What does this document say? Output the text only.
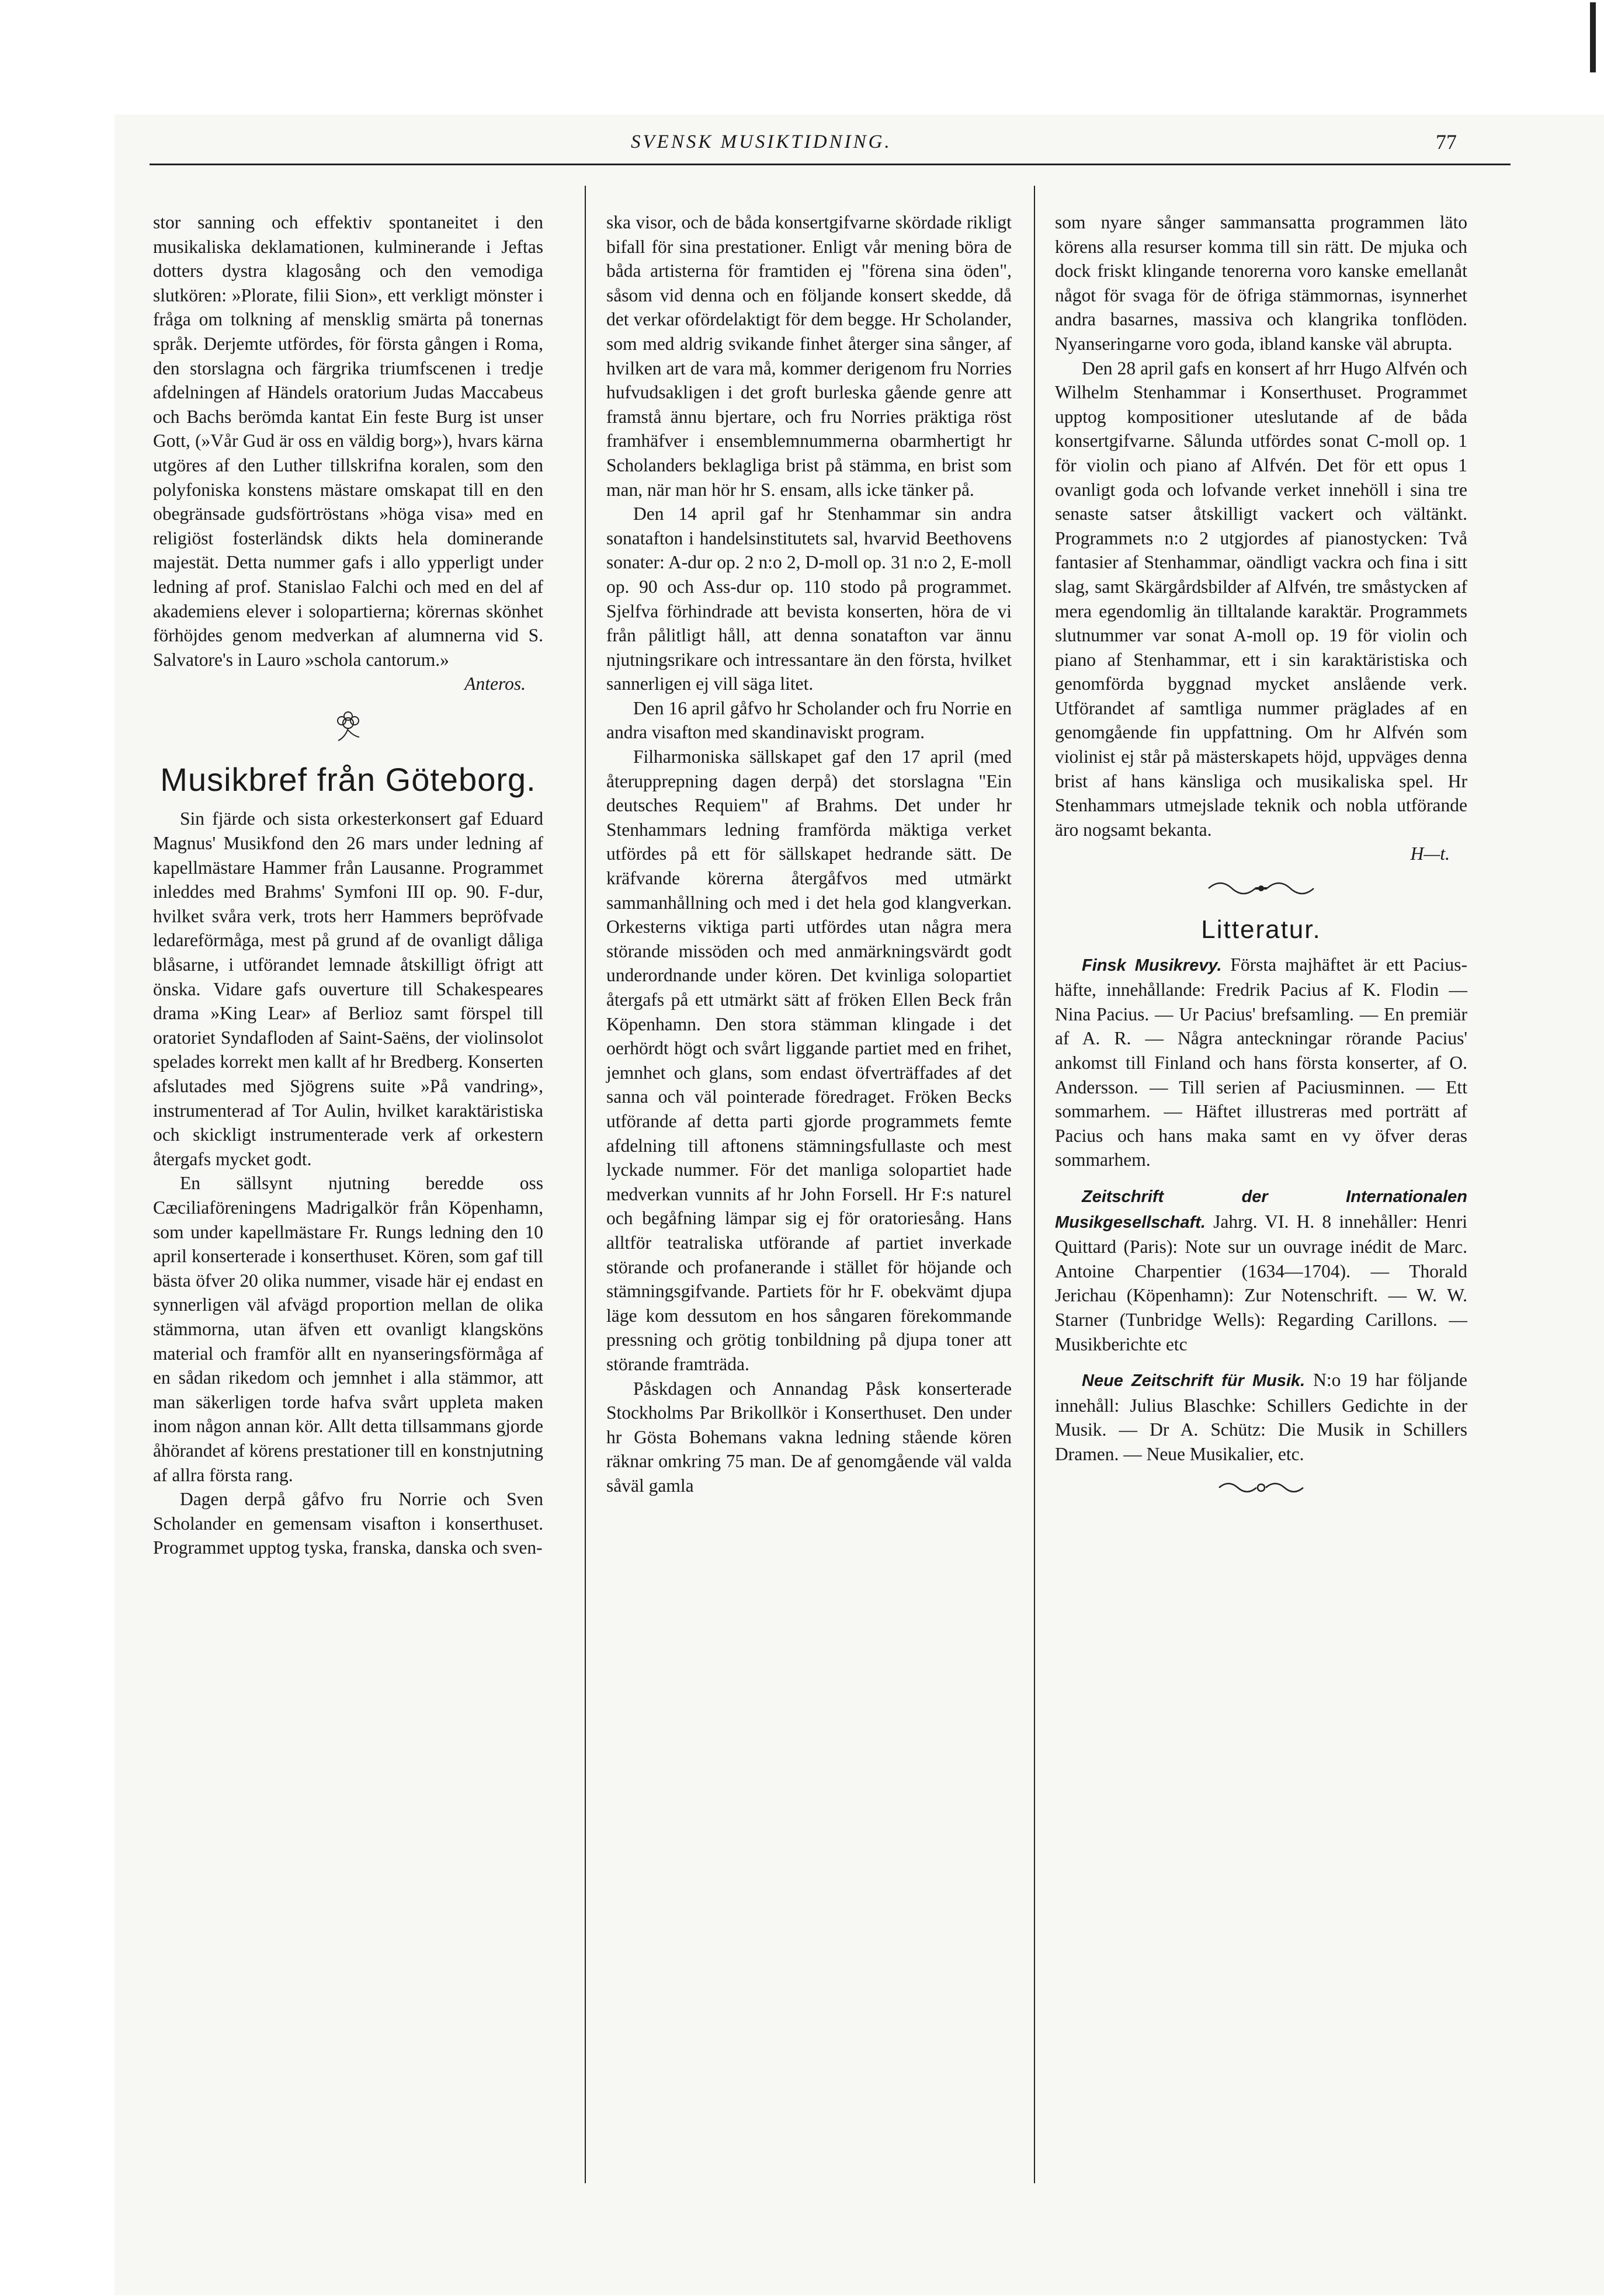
SVENSK MUSIKTIDNING.	77

stor sanning och effektiv spontaneitet i den musikaliska deklamationen, kulminerande i Jeftas dotters dystra klagosång och den vemodiga slutkören: »Plorate, filii Sion», ett verkligt mönster i fråga om tolkning af mensklig smärta på tonernas språk. Derjemte utfördes, för första gången i Roma, den storslagna och färgrika triumfscenen i tredje afdelningen af Händels oratorium Judas Maccabeus och Bachs berömda kantat Ein feste Burg ist unser Gott, (»Vår Gud är oss en väldig borg»), hvars kärna utgöres af den Luther tillskrifna koralen, som den polyfoniska konstens mästare omskapat till en den obegränsade gudsförtröstans »höga visa» med en religiöst fosterländsk dikts hela dominerande majestät. Detta nummer gafs i allo ypperligt under ledning af prof. Stanislao Falchi och med en del af akademiens elever i solopartierna; körernas skönhet förhöjdes genom medverkan af alumnerna vid S. Salvatore's in Lauro »schola cantorum.»

Anteros.
Musikbref från Göteborg.

Sin fjärde och sista orkesterkonsert gaf Eduard Magnus' Musikfond den 26 mars under ledning af kapellmästare Hammer från Lausanne. Programmet inleddes med Brahms' Symfoni III op. 90. F-dur, hvilket svåra verk, trots herr Hammers bepröfvade ledareförmåga, mest på grund af de ovanligt dåliga blåsarne, i utförandet lemnade åtskilligt öfrigt att önska. Vidare gafs ouverture till Schakespeares drama »King Lear» af Berlioz samt förspel till oratoriet Syndafloden af Saint-Saëns, der violinsolot spelades korrekt men kallt af hr Bredberg. Konserten afslutades med Sjögrens suite »På vandring», instrumenterad af Tor Aulin, hvilket karaktäristiska och skickligt instrumenterade verk af orkestern återgafs mycket godt.

En sällsynt njutning beredde oss Cæciliaföreningens Madrigalkör från Köpenhamn, som under kapellmästare Fr. Rungs ledning den 10 april konserterade i konserthuset. Kören, som gaf till bästa öfver 20 olika nummer, visade här ej endast en synnerligen väl afvägd proportion mellan de olika stämmorna, utan äfven ett ovanligt klangsköns material och framför allt en nyanseringsförmåga af en sådan rikedom och jemnhet i alla stämmor, att man säkerligen torde hafva svårt uppleta maken inom någon annan kör. Allt detta tillsammans gjorde åhörandet af körens prestationer till en konstnjutning af allra första rang.

Dagen derpå gåfvo fru Norrie och Sven Scholander en gemensam visafton i konserthuset. Programmet upptog tyska, franska, danska och sven-

ska visor, och de båda konsertgifvarne skördade rikligt bifall för sina prestationer. Enligt vår mening böra de båda artisterna för framtiden ej "förena sina öden", såsom vid denna och en följande konsert skedde, då det verkar ofördelaktigt för dem begge. Hr Scholander, som med aldrig svikande finhet återger sina sånger, af hvilken art de vara må, kommer derigenom fru Norries hufvudsakligen i det groft burleska gående genre att framstå ännu bjertare, och fru Norries präktiga röst framhäfver i ensemblemnummerna obarmhertigt hr Scholanders beklagliga brist på stämma, en brist som man, när man hör hr S. ensam, alls icke tänker på.

Den 14 april gaf hr Stenhammar sin andra sonatafton i handelsinstitutets sal, hvarvid Beethovens sonater: A-dur op. 2 n:o 2, D-moll op. 31 n:o 2, E-moll op. 90 och Ass-dur op. 110 stodo på programmet. Sjelfva förhindrade att bevista konserten, höra de vi från pålitligt håll, att denna sonatafton var ännu njutningsrikare och intressantare än den första, hvilket sannerligen ej vill säga litet.

Den 16 april gåfvo hr Scholander och fru Norrie en andra visafton med skandinaviskt program.

Filharmoniska sällskapet gaf den 17 april (med återupprepning dagen derpå) det storslagna "Ein deutsches Requiem" af Brahms. Det under hr Stenhammars ledning framförda mäktiga verket utfördes på ett för sällskapet hedrande sätt. De kräfvande körerna återgåfvos med utmärkt sammanhållning och med i det hela god klangverkan. Orkesterns viktiga parti utfördes utan några mera störande missöden och med anmärkningsvärdt godt underordnande under kören. Det kvinliga solopartiet återgafs på ett utmärkt sätt af fröken Ellen Beck från Köpenhamn. Den stora stämman klingade i det oerhördt högt och svårt liggande partiet med en frihet, jemnhet och glans, som endast öfverträffades af det sanna och väl pointerade föredraget. Fröken Becks utförande af detta parti gjorde programmets femte afdelning till aftonens stämningsfullaste och mest lyckade nummer. För det manliga solopartiet hade medverkan vunnits af hr John Forsell. Hr F:s naturel och begåfning lämpar sig ej för oratoriesång. Hans alltför teatraliska utförande af partiet inverkade störande och profanerande i stället för höjande och stämningsgifvande. Partiets för hr F. obekvämt djupa läge kom dessutom en hos sångaren förekommande pressning och grötig tonbildning på djupa toner att störande framträda.

Påskdagen och Annandag Påsk konserterade Stockholms Par Brikollkör i Konserthuset. Den under hr Gösta Bohemans vakna ledning stående kören räknar omkring 75 man. De af genomgående väl valda såväl gamla

som nyare sånger sammansatta programmen läto körens alla resurser komma till sin rätt. De mjuka och dock friskt klingande tenorerna voro kanske emellanåt något för svaga för de öfriga stämmornas, isynnerhet andra basarnes, massiva och klangrika tonflöden. Nyanseringarne voro goda, ibland kanske väl abrupta.

Den 28 april gafs en konsert af hrr Hugo Alfvén och Wilhelm Stenhammar i Konserthuset. Programmet upptog kompositioner uteslutande af de båda konsertgifvarne. Sålunda utfördes sonat C-moll op. 1 för violin och piano af Alfvén. Det för ett opus 1 ovanligt goda och lofvande verket innehöll i sina tre senaste satser åtskilligt vackert och vältänkt. Programmets n:o 2 utgjordes af pianostycken: Två fantasier af Stenhammar, oändligt vackra och fina i sitt slag, samt Skärgårdsbilder af Alfvén, tre småstycken af mera egendomlig än tilltalande karaktär. Programmets slutnummer var sonat A-moll op. 19 för violin och piano af Stenhammar, ett i sin karaktäristiska och genomförda byggnad mycket anslående verk. Utförandet af samtliga nummer präglades af en genomgående fin uppfattning. Om hr Alfvén som violinist ej står på mästerskapets höjd, uppväges denna brist af hans känsliga och musikaliska spel. Hr Stenhammars utmejslade teknik och nobla utförande äro nogsamt bekanta.

H—t.
Litteratur.

Finsk Musikrevy. Första majhäftet är ett Pacius-häfte, innehållande: Fredrik Pacius af K. Flodin — Nina Pacius. — Ur Pacius' brefsamling. — En premiär af A. R. — Några anteckningar rörande Pacius' ankomst till Finland och hans första konserter, af O. Andersson. — Till serien af Paciusminnen. — Ett sommarhem. — Häftet illustreras med porträtt af Pacius och hans maka samt en vy öfver deras sommarhem.

Zeitschrift der Internationalen Musikgesellschaft. Jahrg. VI. H. 8 innehåller: Henri Quittard (Paris): Note sur un ouvrage inédit de Marc. Antoine Charpentier (1634—1704). — Thorald Jerichau (Köpenhamn): Zur Notenschrift. — W. W. Starner (Tunbridge Wells): Regarding Carillons. — Musikberichte etc

Neue Zeitschrift für Musik. N:o 19 har följande innehåll: Julius Blaschke: Schillers Gedichte in der Musik. — Dr A. Schütz: Die Musik in Schillers Dramen. — Neue Musikalier, etc.
